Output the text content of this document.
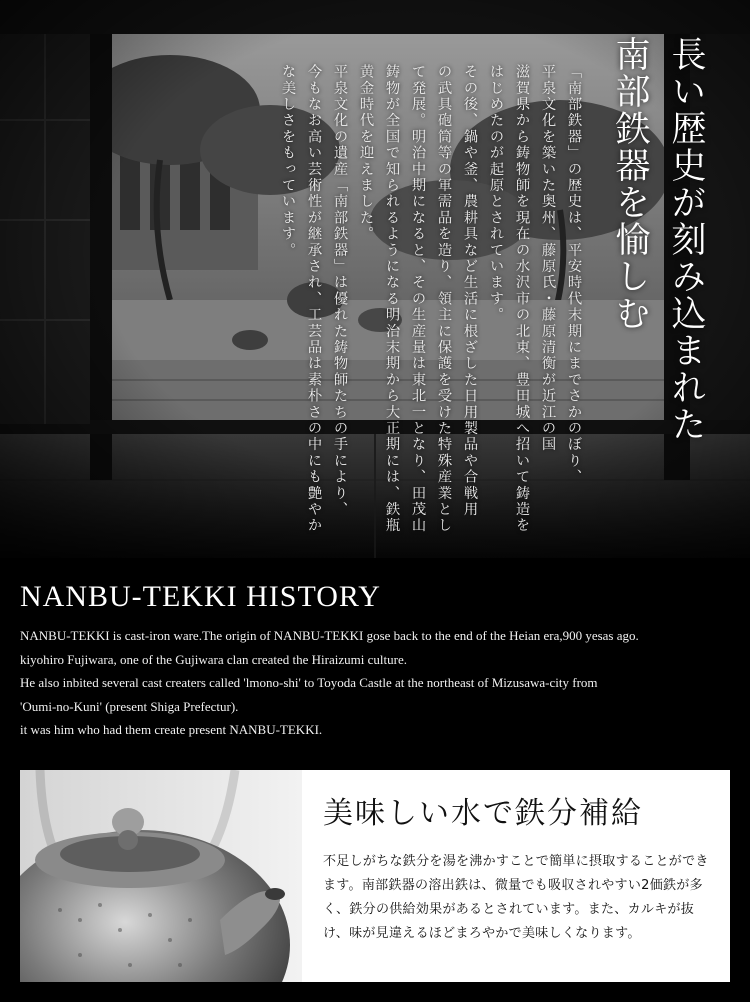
長い歴史が刻み込まれた
南部鉄器を愉しむ
「南部鉄器」の歴史は、平安時代末期にまでさかのぼり、
平泉文化を築いた奥州、藤原氏・藤原清衡が近江の国
滋賀県から鋳物師を現在の水沢市の北東、豊田城へ招いて鋳造を
はじめたのが起原とされています。
その後、鍋や釜、農耕具など生活に根ざした日用製品や合戦用
の武具砲筒等の軍需品を造り、領主に保護を受けた特殊産業とし
て発展。明治中期になると、その生産量は東北一となり、田茂山
鋳物が全国で知られるようになる明治末期から大正期には、鉄瓶
黄金時代を迎えました。
平泉文化の遺産「南部鉄器」は優れた鋳物師たちの手により、
今もなお高い芸術性が継承され、工芸品は素朴さの中にも艶やか
な美しさをもっています。
NANBU-TEKKI HISTORY
NANBU-TEKKI is cast-iron ware.The origin of NANBU-TEKKI gose back to the end of the Heian era,900 yesas ago.
kiyohiro Fujiwara, one of the Gujiwara clan created the Hiraizumi culture.
He also inbited several cast creaters called 'lmono-shi' to Toyoda Castle at the northeast of Mizusawa-city from
'Oumi-no-Kuni' (present Shiga Prefectur).
it was him who had them create present NANBU-TEKKI.
美味しい水で鉄分補給

不足しがちな鉄分を湯を沸かすことで簡単に摂取することができます。南部鉄器の溶出鉄は、微量でも吸収されやすい2価鉄が多く、鉄分の供給効果があるとされています。また、カルキが抜け、味が見違えるほどまろやかで美味しくなります。
